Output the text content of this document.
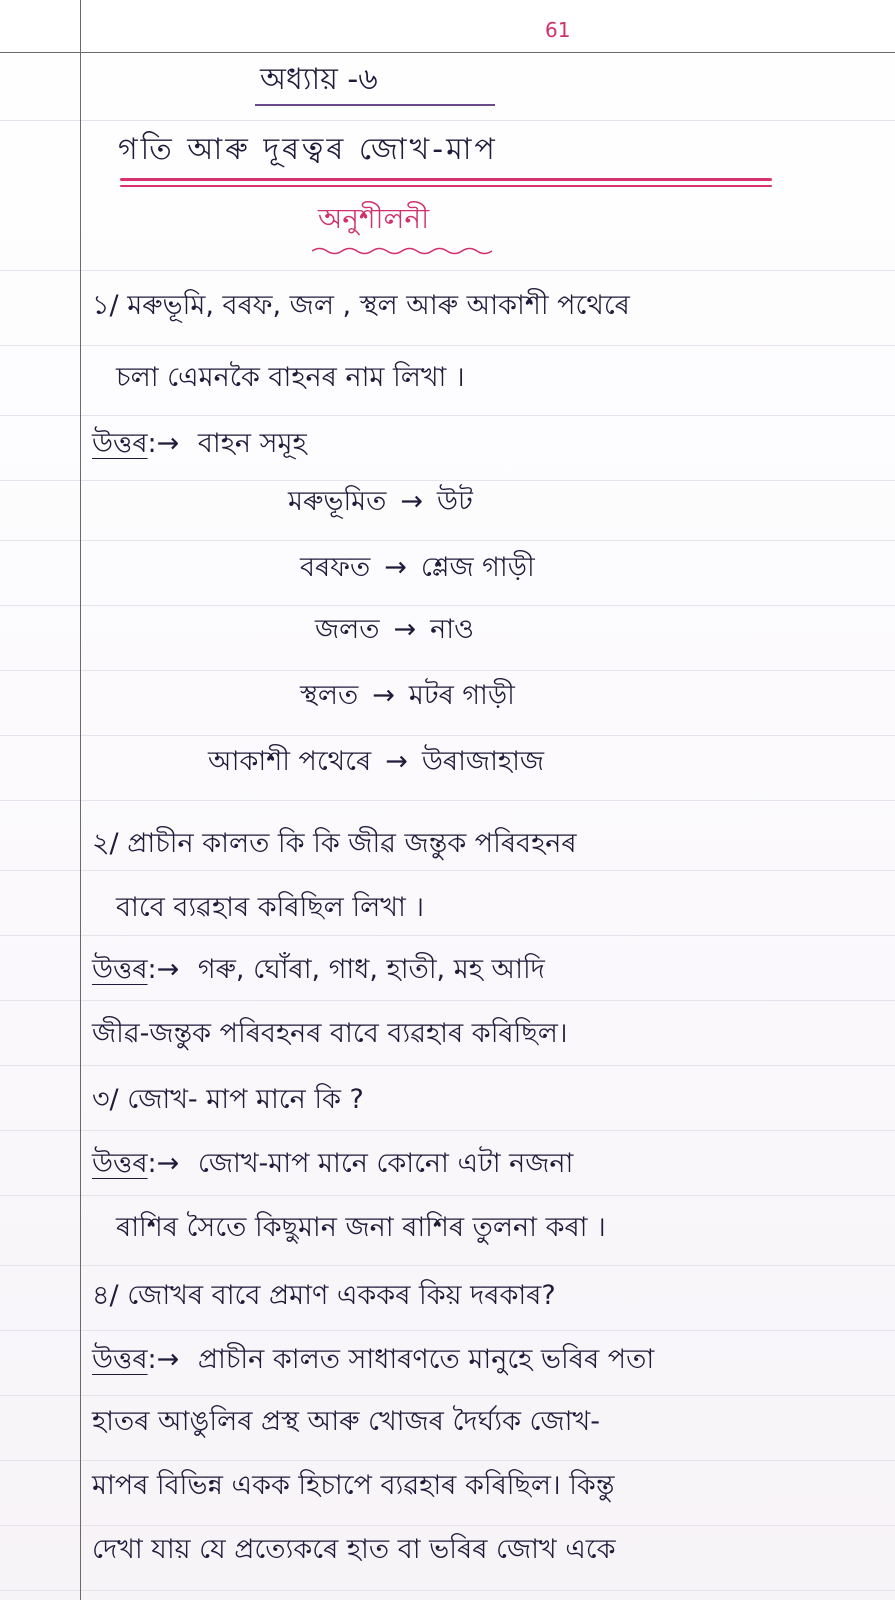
61
অধ্যায় -৬
গতি আৰু দূৰত্বৰ জোখ-মাপ
অনুশীলনী
১/ মৰুভূমি, বৰফ, জল , স্থল আৰু আকাশী পথেৰে
চলা এেমনকৈ বাহনৰ নাম লিখা ।
উত্তৰ:→ বাহন সমূহ
মৰুভূমিত → উট
বৰফত → শ্লেজ গাড়ী
জলত → নাও
স্থলত → মটৰ গাড়ী
আকাশী পথেৰে → উৰাজাহাজ
২/ প্ৰাচীন কালত কি কি জীৱ জন্তুক পৰিবহনৰ
বাবে ব্যৱহাৰ কৰিছিল লিখা ।
উত্তৰ:→ গৰু, ঘোঁৰা, গাধ, হাতী, মহ আদি
জীৱ-জন্তুক পৰিবহনৰ বাবে ব্যৱহাৰ কৰিছিল।
৩/ জোখ- মাপ মানে কি ?
উত্তৰ:→ জোখ-মাপ মানে কোনো এটা নজনা
ৰাশিৰ সৈতে কিছুমান জনা ৰাশিৰ তুলনা কৰা ।
৪/ জোখৰ বাবে প্ৰমাণ এককৰ কিয় দৰকাৰ?
উত্তৰ:→ প্ৰাচীন কালত সাধাৰণতে মানুহে ভৰিৰ পতা
হাতৰ আঙুলিৰ প্ৰস্থ আৰু খোজৰ দৈৰ্ঘ্যক জোখ-
মাপৰ বিভিন্ন একক হিচাপে ব্যৱহাৰ কৰিছিল। কিন্তু
দেখা যায় যে প্ৰত্যেকৰে হাত বা ভৰিৰ জোখ একে
